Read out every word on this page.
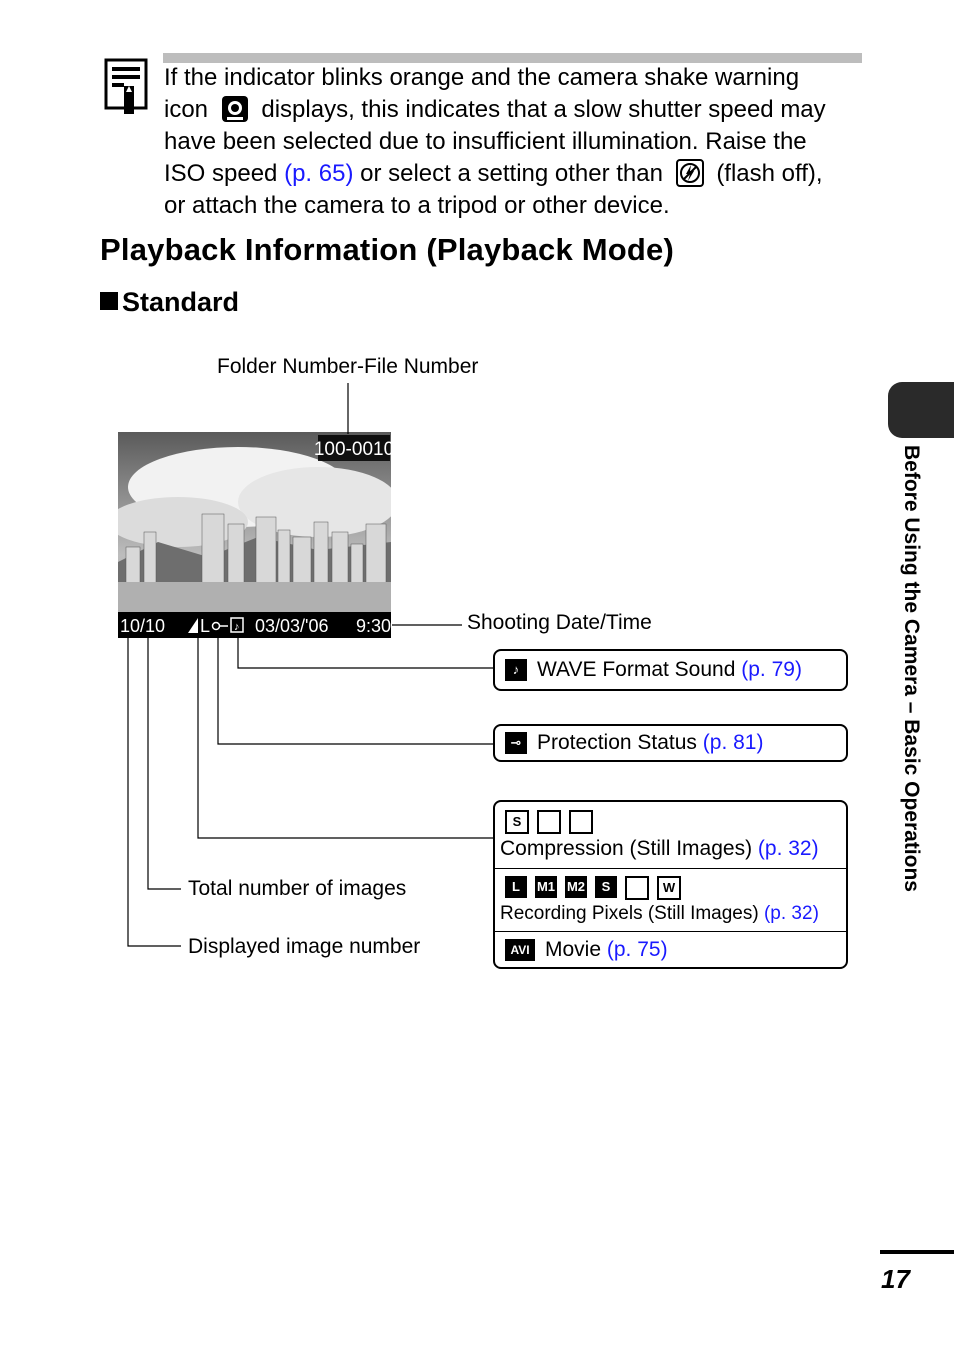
If the indicator blinks orange and the camera shake warning
icon displays, this indicates that a slow shutter speed may
have been selected due to insufficient illumination. Raise the
ISO speed (p. 65) or select a setting other than (flash off),
or attach the camera to a tripod or other device.
Playback Information (Playback Mode)
Standard
Folder Number-File Number
100-0010
10/10 L ♪ 03/03/'06 9:30	Shooting Date/Time
Total number of images
Displayed image number
♪ WAVE Format Sound
(p. 79)
⊸ Protection Status
(p. 81)
S
Compression (Still Images) (p. 32)
L	M1 M2	S	W
Recording Pixels (Still Images) (p. 32)
AVI Movie
(p. 75)
Before Using the Camera – Basic Operations
17
